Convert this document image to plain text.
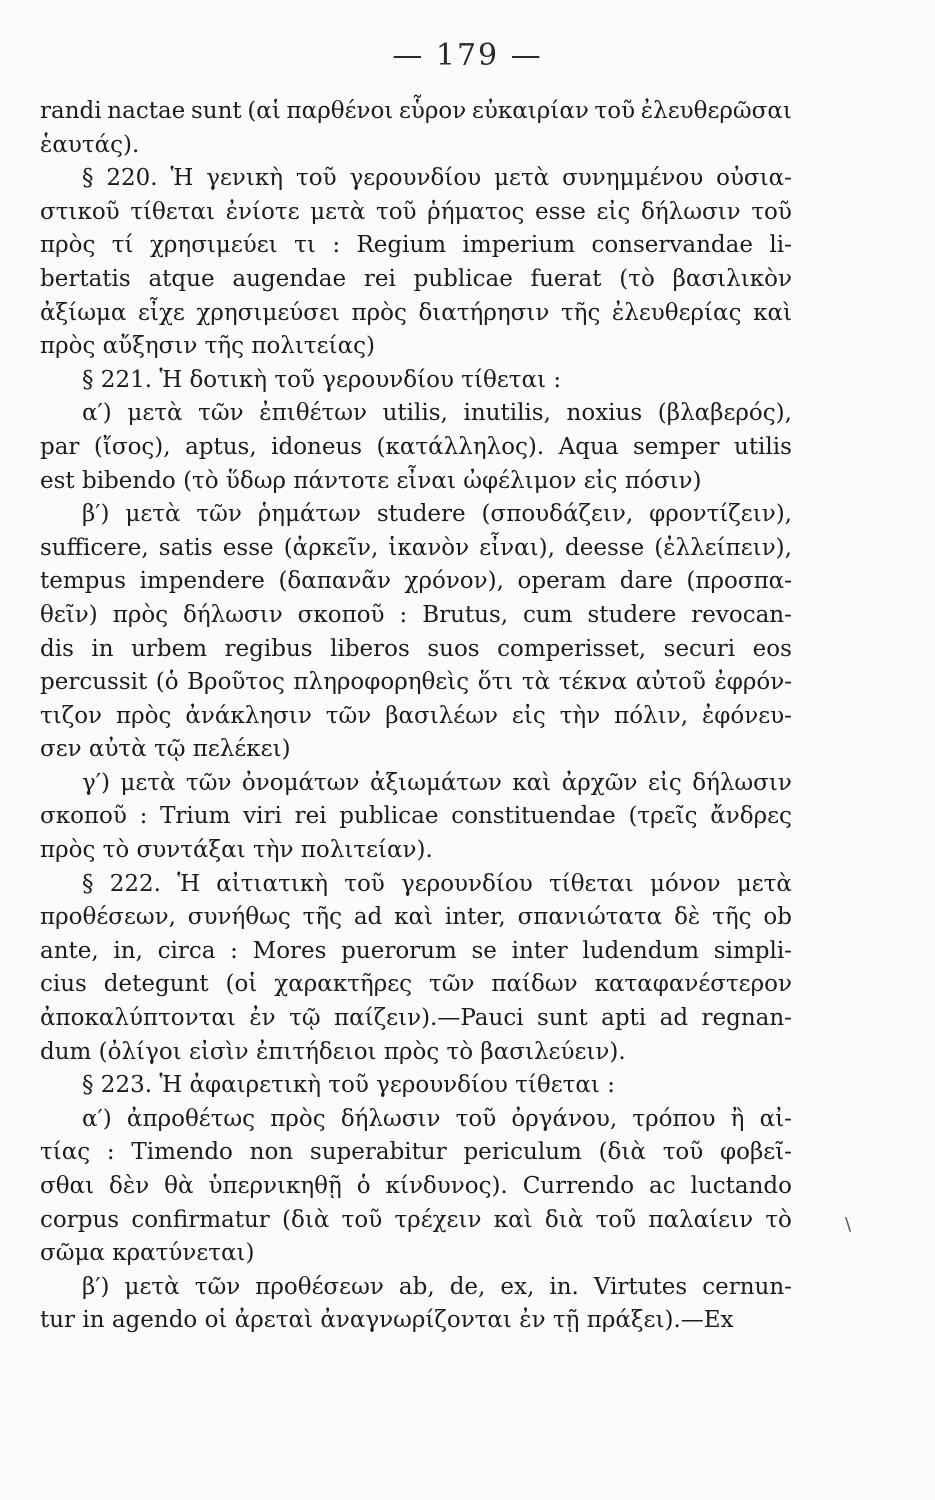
— 179 —
randi nactae sunt (αἱ παρθένοι εὗρον εὐκαιρίαν τοῦ ἐλευθερῶσαι
ἑαυτάς).
§ 220. Ἡ γενικὴ τοῦ γερουνδίου μετὰ συνημμένου οὐσια-
στικοῦ τίθεται ἐνίοτε μετὰ τοῦ ῥήματος esse εἰς δήλωσιν τοῦ
πρὸς τί χρησιμεύει τι : Regium imperium conservandae li-
bertatis atque augendae rei publicae fuerat (τὸ βασιλικὸν
ἀξίωμα εἶχε χρησιμεύσει πρὸς διατήρησιν τῆς ἐλευθερίας καὶ
πρὸς αὔξησιν τῆς πολιτείας)
§ 221. Ἡ δοτικὴ τοῦ γερουνδίου τίθεται :
α′) μετὰ τῶν ἐπιθέτων utilis, inutilis, noxius (βλαβερός),
par (ἴσος), aptus, idoneus (κατάλληλος). Aqua semper utilis
est bibendo (τὸ ὕδωρ πάντοτε εἶναι ὠφέλιμον εἰς πόσιν)
β′) μετὰ τῶν ῥημάτων studere (σπουδάζειν, φροντίζειν),
sufficere, satis esse (ἀρκεῖν, ἱκανὸν εἶναι), deesse (ἐλλείπειν),
tempus impendere (δαπανᾶν χρόνον), operam dare (προσπα-
θεῖν) πρὸς δήλωσιν σκοποῦ : Brutus, cum studere revocan-
dis in urbem regibus liberos suos comperisset, securi eos
percussit (ὁ Βροῦτος πληροφορηθεὶς ὅτι τὰ τέκνα αὐτοῦ ἐφρόν-
τιζον πρὸς ἀνάκλησιν τῶν βασιλέων εἰς τὴν πόλιν, ἐφόνευ-
σεν αὐτὰ τῷ πελέκει)
γ′) μετὰ τῶν ὀνομάτων ἀξιωμάτων καὶ ἀρχῶν εἰς δήλωσιν
σκοποῦ : Trium viri rei publicae constituendae (τρεῖς ἄνδρες
πρὸς τὸ συντάξαι τὴν πολιτείαν).
§ 222. Ἡ αἰτιατικὴ τοῦ γερουνδίου τίθεται μόνον μετὰ
προθέσεων, συνήθως τῆς ad καὶ inter, σπανιώτατα δὲ τῆς ob
ante, in, circa : Mores puerorum se inter ludendum simpli-
cius detegunt (οἱ χαρακτῆρες τῶν παίδων καταφανέστερον
ἀποκαλύπτονται ἐν τῷ παίζειν).—Pauci sunt apti ad regnan-
dum (ὀλίγοι εἰσὶν ἐπιτήδειοι πρὸς τὸ βασιλεύειν).
§ 223. Ἡ ἀφαιρετικὴ τοῦ γερουνδίου τίθεται :
α′) ἀπροθέτως πρὸς δήλωσιν τοῦ ὀργάνου, τρόπου ἢ αἰ-
τίας : Timendo non superabitur periculum (διὰ τοῦ φοβεῖ-
σθαι δὲν θὰ ὑπερνικηθῇ ὁ κίνδυνος). Currendo ac luctando
corpus confirmatur (διὰ τοῦ τρέχειν καὶ διὰ τοῦ παλαίειν τὸ
σῶμα κρατύνεται)
β′) μετὰ τῶν προθέσεων ab, de, ex, in. Virtutes cernun-
tur in agendo οἱ ἀρεταὶ ἀναγνωρίζονται ἐν τῇ πράξει).—Ex
\
